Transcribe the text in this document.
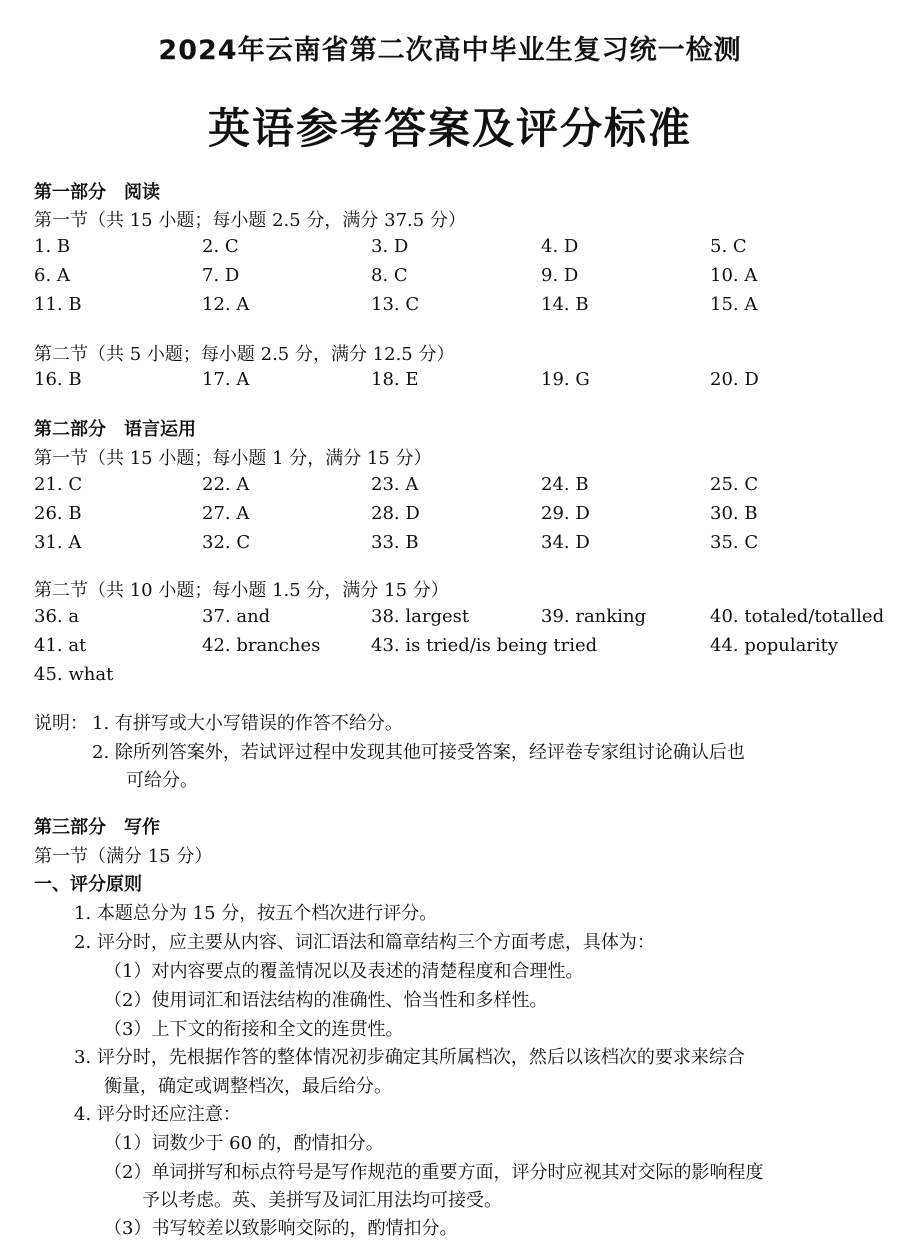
2024年云南省第二次高中毕业生复习统一检测
英语参考答案及评分标准
第一部分　阅读
第一节（共 15 小题；每小题 2.5 分，满分 37.5 分）
1. B	2. C	3. D	4. D	5. C
6. A	7. D	8. C	9. D	10. A
11. B	12. A	13. C	14. B	15. A
第二节（共 5 小题；每小题 2.5 分，满分 12.5 分）
16. B	17. A	18. E	19. G	20. D
第二部分　语言运用
第一节（共 15 小题；每小题 1 分，满分 15 分）
21. C	22. A	23. A	24. B	25. C
26. B	27. A	28. D	29. D	30. B
31. A	32. C	33. B	34. D	35. C
第二节（共 10 小题；每小题 1.5 分，满分 15 分）
36. a	37. and	38. largest	39. ranking	40. totaled/totalled
41. at	42. branches	43. is tried/is being tried	44. popularity
45. what
说明： 1. 有拼写或大小写错误的作答不给分。
2. 除所列答案外，若试评过程中发现其他可接受答案，经评卷专家组讨论确认后也
可给分。
第三部分　写作
第一节（满分 15 分）
一、评分原则
1. 本题总分为 15 分，按五个档次进行评分。
2. 评分时，应主要从内容、词汇语法和篇章结构三个方面考虑，具体为：
（1）对内容要点的覆盖情况以及表述的清楚程度和合理性。
（2）使用词汇和语法结构的准确性、恰当性和多样性。
（3）上下文的衔接和全文的连贯性。
3. 评分时，先根据作答的整体情况初步确定其所属档次，然后以该档次的要求来综合
衡量，确定或调整档次，最后给分。
4. 评分时还应注意：
（1）词数少于 60 的，酌情扣分。
（2）单词拼写和标点符号是写作规范的重要方面，评分时应视其对交际的影响程度
予以考虑。英、美拼写及词汇用法均可接受。
（3）书写较差以致影响交际的，酌情扣分。
